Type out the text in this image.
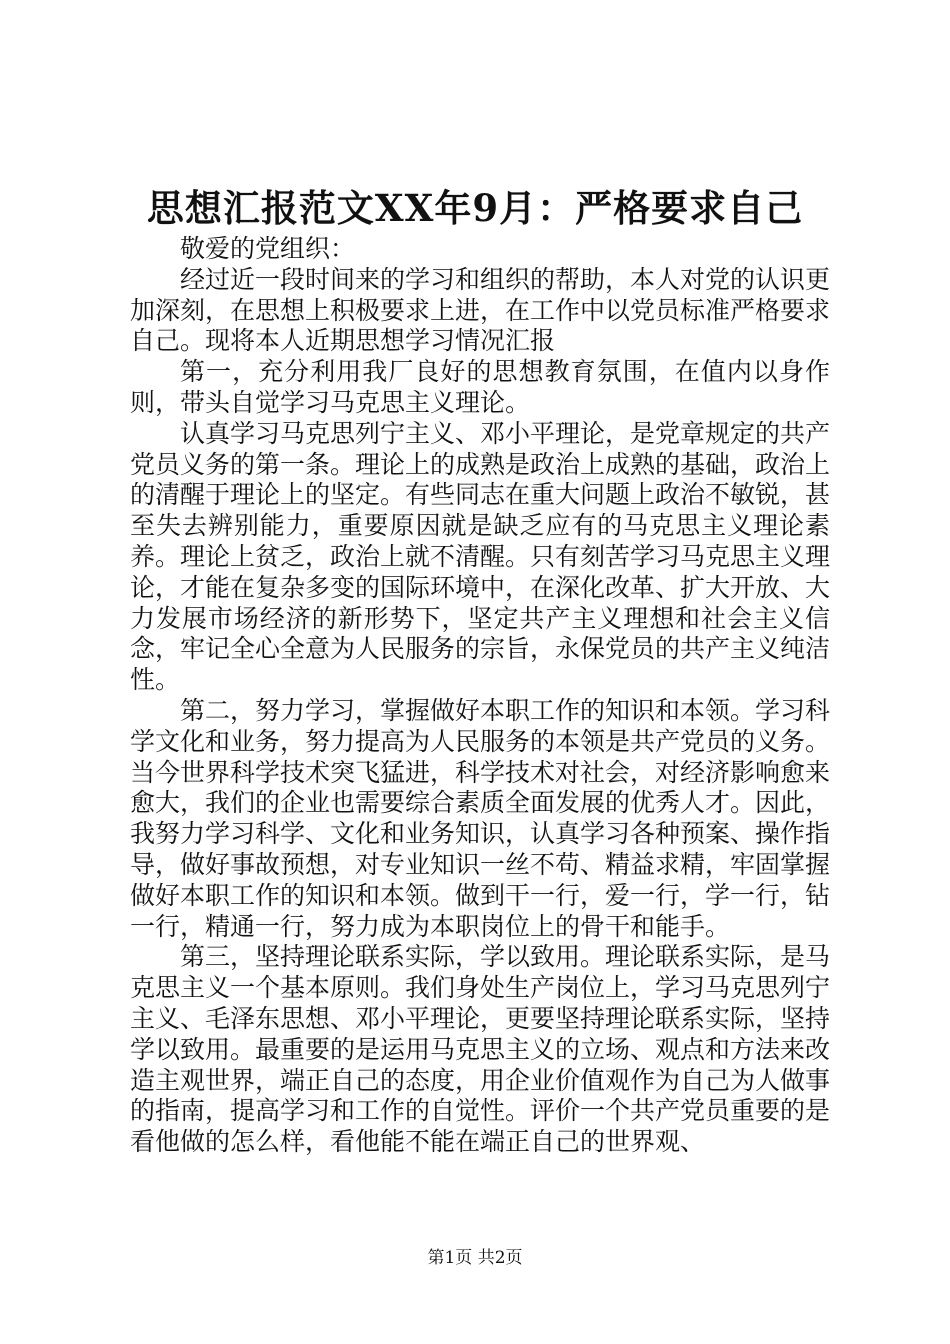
思想汇报范文XX年9月：严格要求自己

敬爱的党组织：

经过近一段时间来的学习和组织的帮助，本人对党的认识更加深刻，在思想上积极要求上进，在工作中以党员标准严格要求自己。现将本人近期思想学习情况汇报

第一，充分利用我厂良好的思想教育氛围，在值内以身作则，带头自觉学习马克思主义理论。

认真学习马克思列宁主义、邓小平理论，是党章规定的共产党员义务的第一条。理论上的成熟是政治上成熟的基础，政治上的清醒于理论上的坚定。有些同志在重大问题上政治不敏锐，甚至失去辨别能力，重要原因就是缺乏应有的马克思主义理论素养。理论上贫乏，政治上就不清醒。只有刻苦学习马克思主义理论，才能在复杂多变的国际环境中，在深化改革、扩大开放、大力发展市场经济的新形势下，坚定共产主义理想和社会主义信念，牢记全心全意为人民服务的宗旨，永保党员的共产主义纯洁性。

第二，努力学习，掌握做好本职工作的知识和本领。学习科学文化和业务，努力提高为人民服务的本领是共产党员的义务。当今世界科学技术突飞猛进，科学技术对社会，对经济影响愈来愈大，我们的企业也需要综合素质全面发展的优秀人才。因此，我努力学习科学、文化和业务知识，认真学习各种预案、操作指导，做好事故预想，对专业知识一丝不苟、精益求精，牢固掌握做好本职工作的知识和本领。做到干一行，爱一行，学一行，钻一行，精通一行，努力成为本职岗位上的骨干和能手。

第三，坚持理论联系实际，学以致用。理论联系实际，是马克思主义一个基本原则。我们身处生产岗位上，学习马克思列宁主义、毛泽东思想、邓小平理论，更要坚持理论联系实际，坚持学以致用。最重要的是运用马克思主义的立场、观点和方法来改造主观世界，端正自己的态度，用企业价值观作为自己为人做事的指南，提高学习和工作的自觉性。评价一个共产党员重要的是看他做的怎么样，看他能不能在端正自己的世界观、

第1页 共2页
